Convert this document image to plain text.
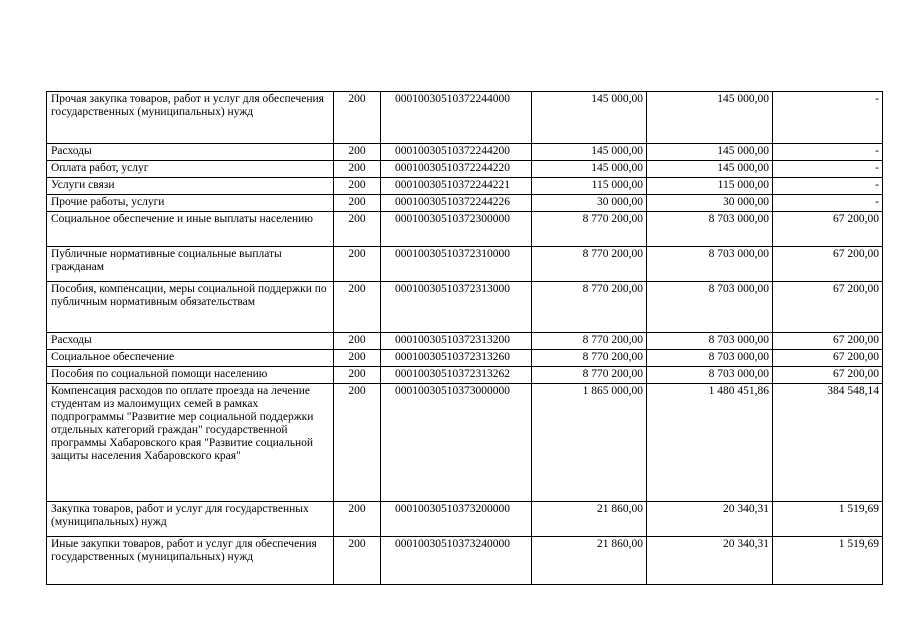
Прочая закупка товаров, работ и услуг для обеспечения государственных (муниципальных) нужд	200	00010030510372244000	145 000,00	145 000,00	-
Расходы	200	00010030510372244200	145 000,00	145 000,00	-
Оплата работ, услуг	200	00010030510372244220	145 000,00	145 000,00	-
Услуги связи	200	00010030510372244221	115 000,00	115 000,00	-
Прочие работы, услуги	200	00010030510372244226	30 000,00	30 000,00	-
Социальное обеспечение и иные выплаты населению	200	00010030510372300000	8 770 200,00	8 703 000,00	67 200,00
Публичные нормативные социальные выплаты гражданам	200	00010030510372310000	8 770 200,00	8 703 000,00	67 200,00
Пособия, компенсации, меры социальной поддержки по публичным нормативным обязательствам	200	00010030510372313000	8 770 200,00	8 703 000,00	67 200,00
Расходы	200	00010030510372313200	8 770 200,00	8 703 000,00	67 200,00
Социальное обеспечение	200	00010030510372313260	8 770 200,00	8 703 000,00	67 200,00
Пособия по социальной помощи населению	200	00010030510372313262	8 770 200,00	8 703 000,00	67 200,00
Компенсация расходов по оплате проезда на лечение студентам из малоимущих семей в рамках подпрограммы "Развитие мер социальной поддержки отдельных категорий граждан" государственной программы Хабаровского края "Развитие социальной защиты населения Хабаровского края"	200	00010030510373000000	1 865 000,00	1 480 451,86	384 548,14
Закупка товаров, работ и услуг для государственных (муниципальных) нужд	200	00010030510373200000	21 860,00	20 340,31	1 519,69
Иные закупки товаров, работ и услуг для обеспечения государственных (муниципальных) нужд	200	00010030510373240000	21 860,00	20 340,31	1 519,69
